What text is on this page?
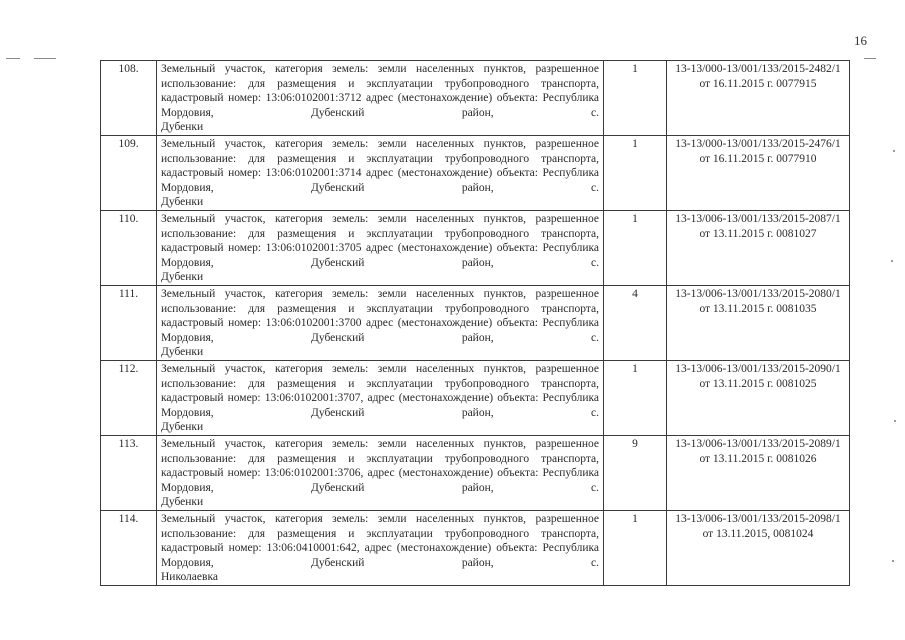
16
108.	Земельный участок, категория земель: земли населенных пунктов, разрешенное использование: для размещения и эксплуатации трубопроводного транспорта, кадастровый номер: 13:06:0102001:3712 адрес (местонахождение) объекта: Республика Мордовия, Дубенский район, с.
Дубенки	1	13-13/000-13/001/133/2015-2482/1 от 16.11.2015 г. 0077915
109.	Земельный участок, категория земель: земли населенных пунктов, разрешенное использование: для размещения и эксплуатации трубопроводного транспорта, кадастровый номер: 13:06:0102001:3714 адрес (местонахождение) объекта: Республика Мордовия, Дубенский район, с.
Дубенки	1	13-13/000-13/001/133/2015-2476/1 от 16.11.2015 г. 0077910
110.	Земельный участок, категория земель: земли населенных пунктов, разрешенное использование: для размещения и эксплуатации трубопроводного транспорта, кадастровый номер: 13:06:0102001:3705 адрес (местонахождение) объекта: Республика Мордовия, Дубенский район, с.
Дубенки	1	13-13/006-13/001/133/2015-2087/1 от 13.11.2015 г. 0081027
111.	Земельный участок, категория земель: земли населенных пунктов, разрешенное использование: для размещения и эксплуатации трубопроводного транспорта, кадастровый номер: 13:06:0102001:3700 адрес (местонахождение) объекта: Республика Мордовия, Дубенский район, с.
Дубенки	4	13-13/006-13/001/133/2015-2080/1 от 13.11.2015 г. 0081035
112.	Земельный участок, категория земель: земли населенных пунктов, разрешенное использование: для размещения и эксплуатации трубопроводного транспорта, кадастровый номер: 13:06:0102001:3707, адрес (местонахождение) объекта: Республика Мордовия, Дубенский район, с.
Дубенки	1	13-13/006-13/001/133/2015-2090/1 от 13.11.2015 г. 0081025
113.	Земельный участок, категория земель: земли населенных пунктов, разрешенное использование: для размещения и эксплуатации трубопроводного транспорта, кадастровый номер: 13:06:0102001:3706, адрес (местонахождение) объекта: Республика Мордовия, Дубенский район, с.
Дубенки	9	13-13/006-13/001/133/2015-2089/1 от 13.11.2015 г. 0081026
114.	Земельный участок, категория земель: земли населенных пунктов, разрешенное использование: для размещения и эксплуатации трубопроводного транспорта, кадастровый номер: 13:06:0410001:642, адрес (местонахождение) объекта: Республика Мордовия, Дубенский район, с.
Николаевка	1	13-13/006-13/001/133/2015-2098/1 от 13.11.2015, 0081024
